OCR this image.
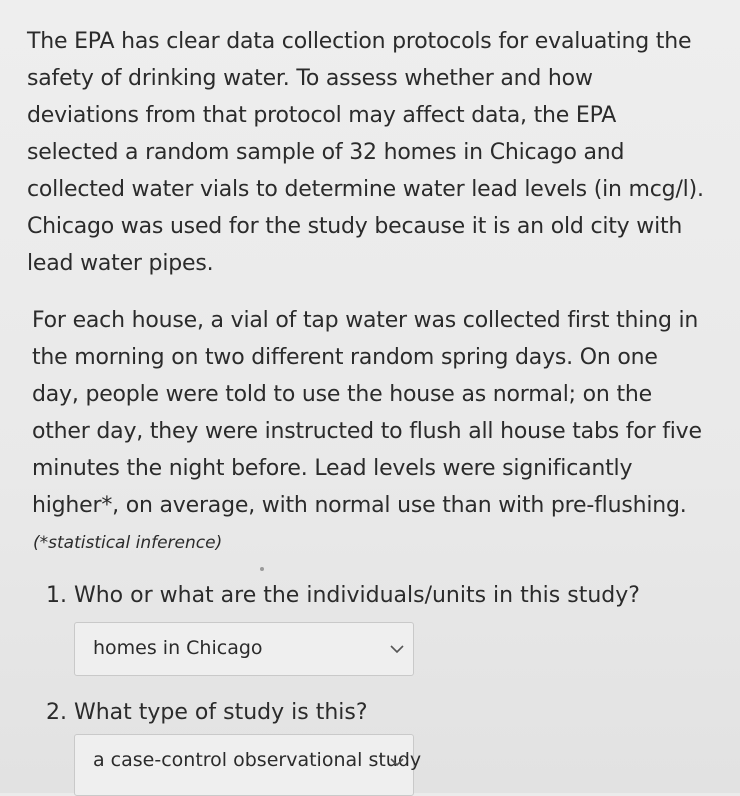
The EPA has clear data collection protocols for evaluating the
safety of drinking water. To assess whether and how
deviations from that protocol may affect data, the EPA
selected a random sample of 32 homes in Chicago and
collected water vials to determine water lead levels (in mcg/l).
Chicago was used for the study because it is an old city with
lead water pipes.

For each house, a vial of tap water was collected first thing in
the morning on two different random spring days. On one
day, people were told to use the house as normal; on the
other day, they were instructed to flush all house tabs for five
minutes the night before. Lead levels were significantly
higher*, on average, with normal use than with pre-flushing.

(*statistical inference)
1. Who or what are the individuals/units in this study?
homes in Chicago
2. What type of study is this?
a case-control observational study
